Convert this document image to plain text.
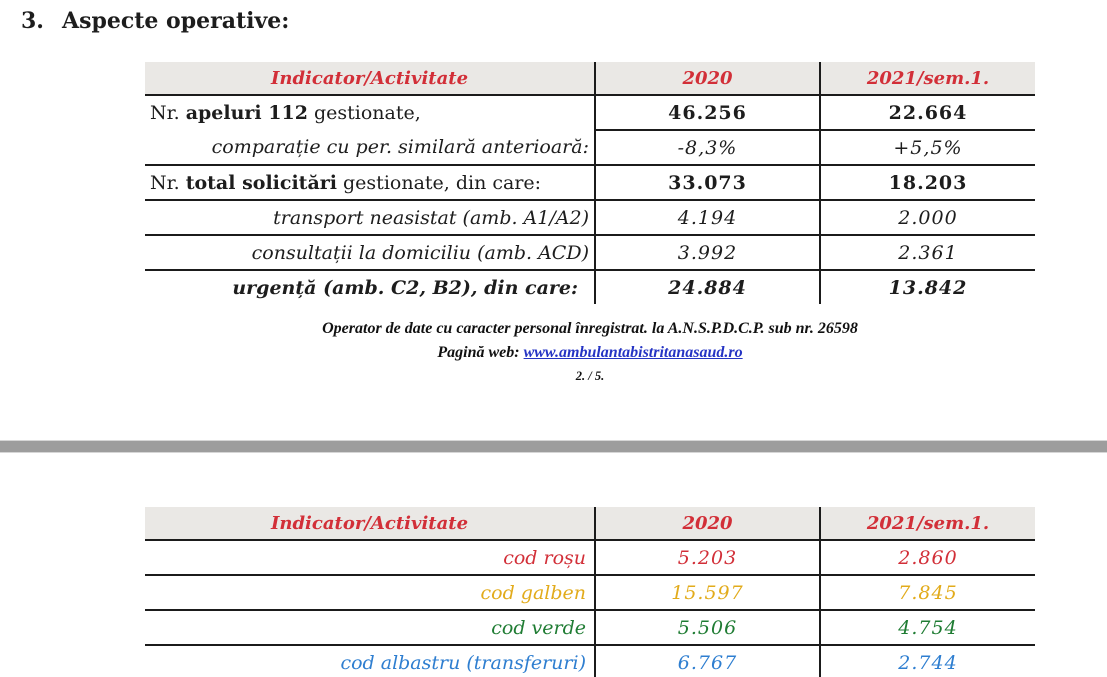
3. Aspecte operative:
Indicator/Activitate	2020	2021/sem.1.
Nr. apeluri 112 gestionate,	46.256	22.664
comparație cu per. similară anterioară:	-8,3%	+5,5%
Nr. total solicitări gestionate, din care:	33.073	18.203
transport neasistat (amb. A1/A2)	4.194	2.000
consultații la domiciliu (amb. ACD)	3.992	2.361
urgență (amb. C2, B2), din care:	24.884	13.842
Operator de date cu caracter personal înregistrat. la A.N.S.P.D.C.P. sub nr. 26598
Pagină web: www.ambulantabistritanasaud.ro
2. / 5.
Indicator/Activitate	2020	2021/sem.1.
cod roșu	5.203	2.860
cod galben	15.597	7.845
cod verde	5.506	4.754
cod albastru (transferuri)	6.767	2.744
